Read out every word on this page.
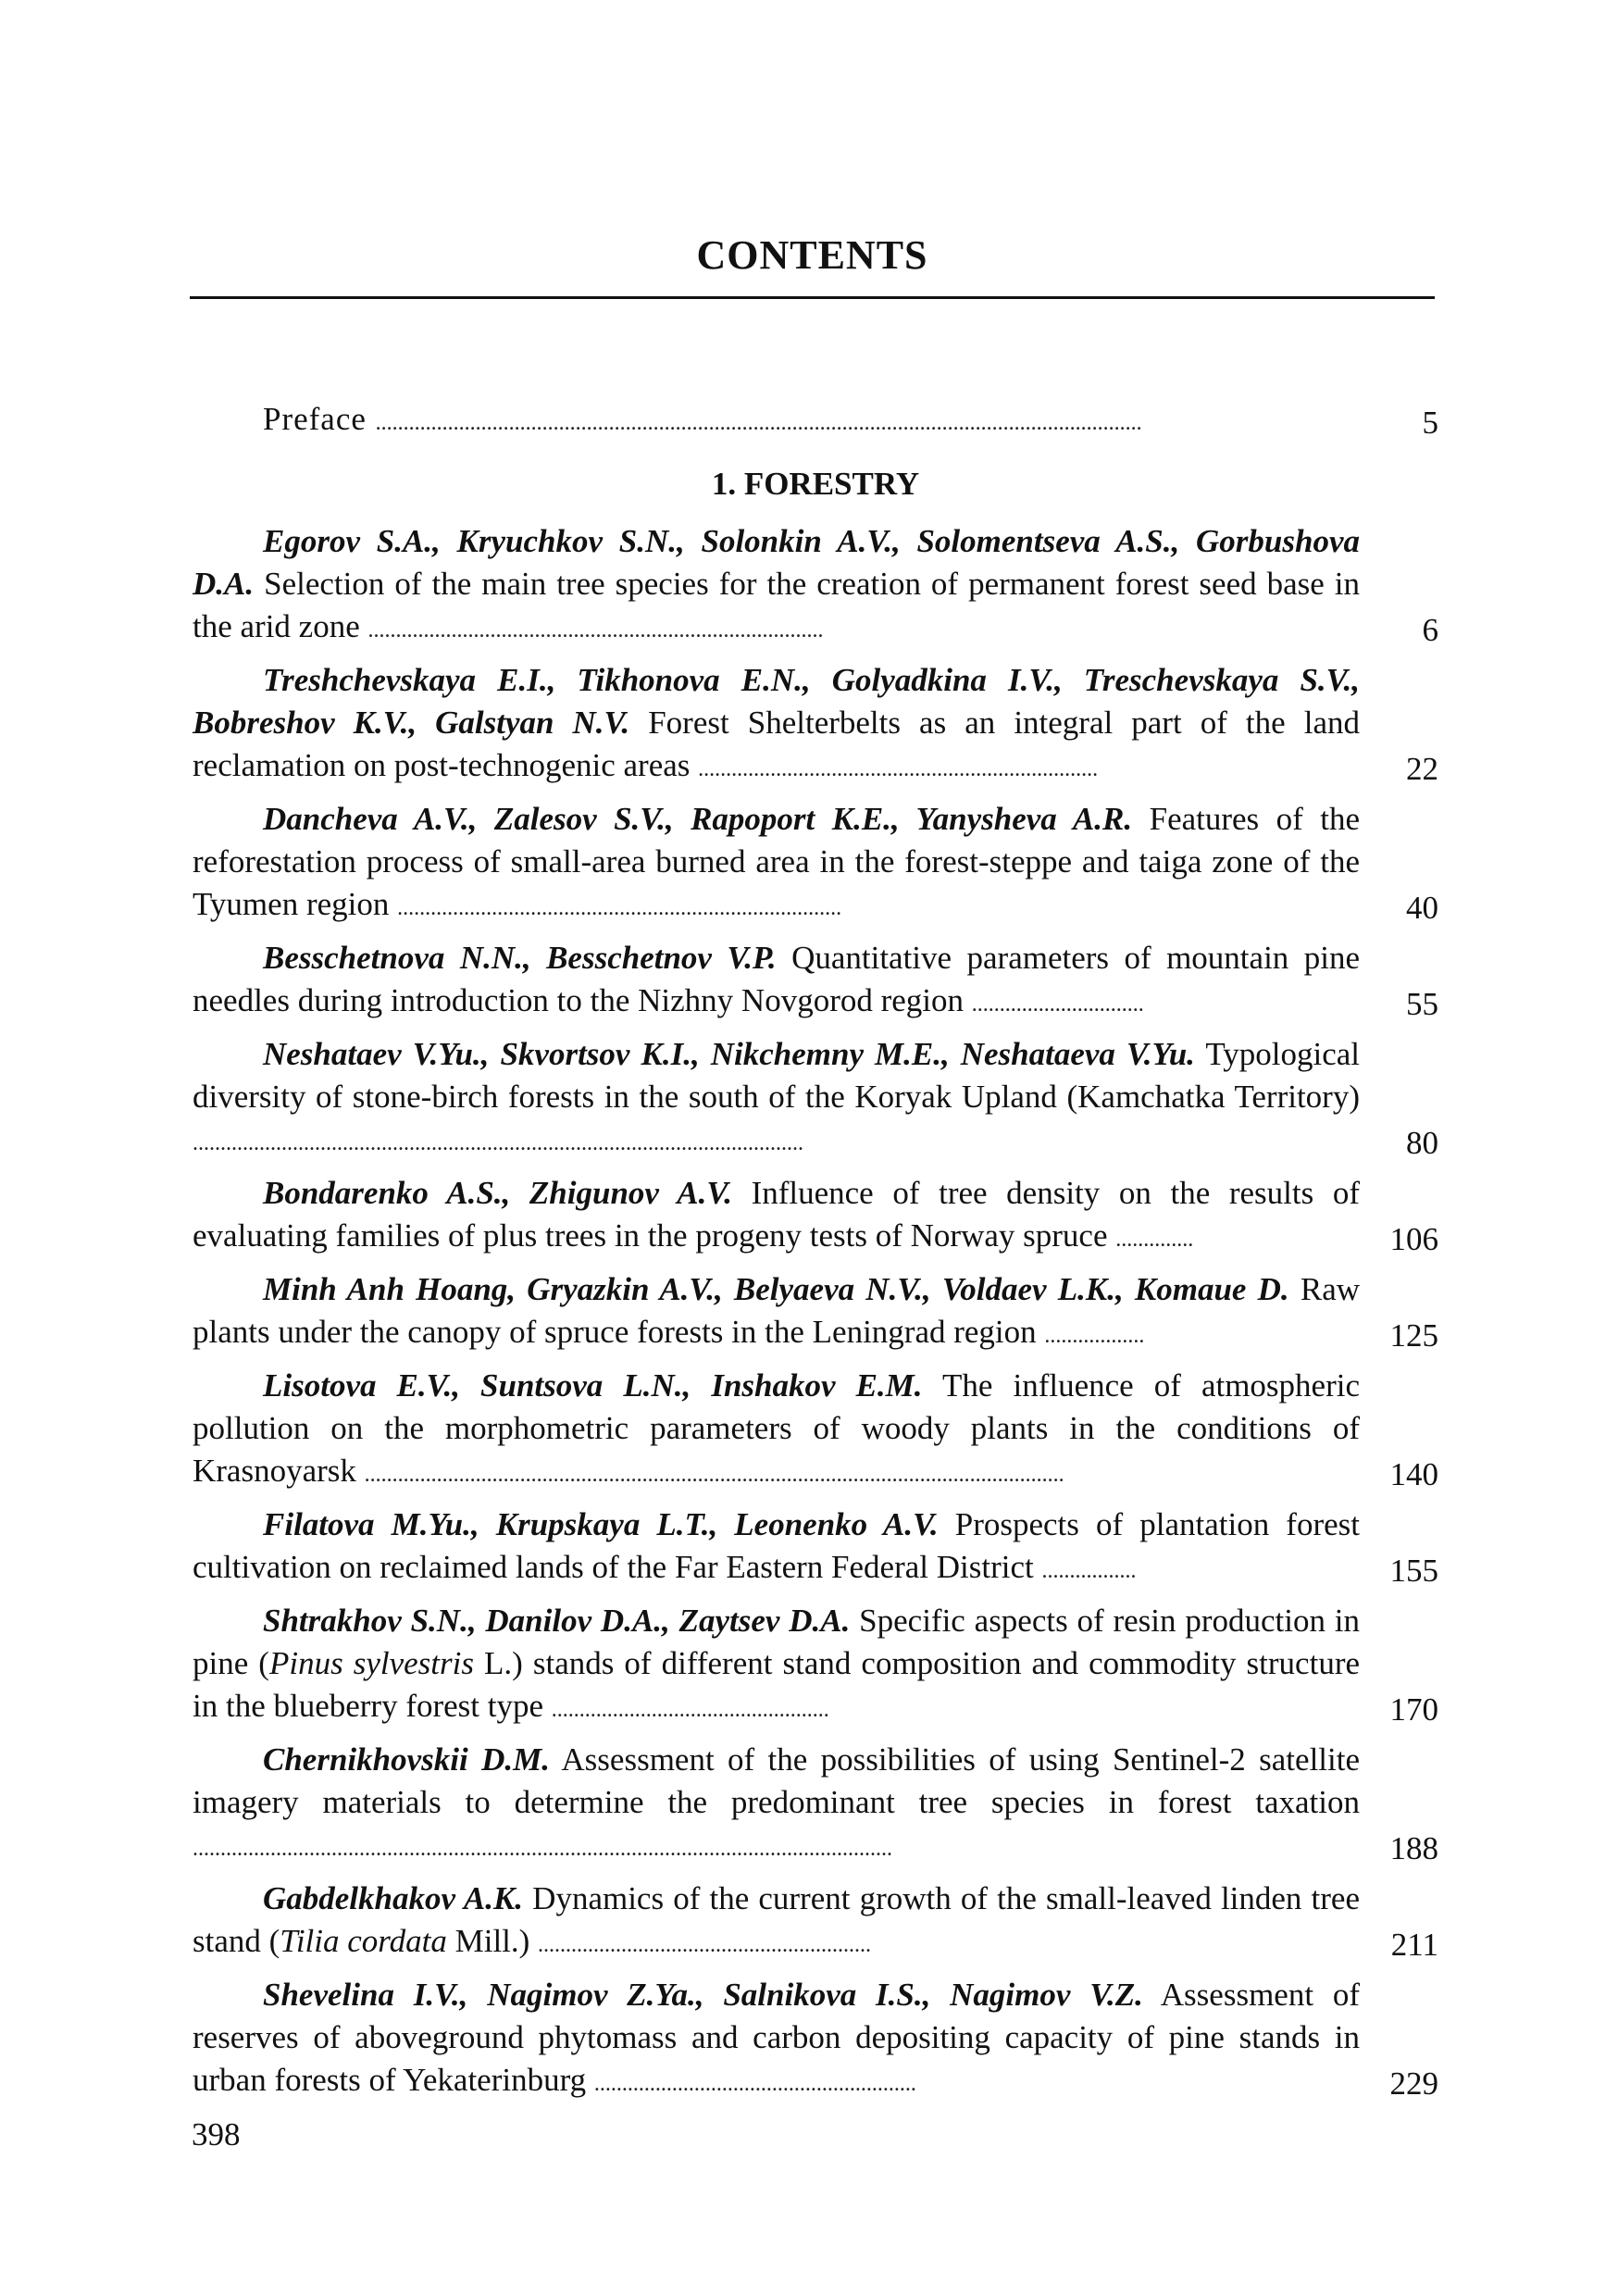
CONTENTS
Preface ..........................................................................................................................................	5
1. FORESTRY
Egorov S.A., Kryuchkov S.N., Solonkin A.V., Solomentseva A.S., Gorbushova D.A. Selection of the main tree species for the creation of permanent forest seed base in the arid zone ..................................................................................	6
Treshchevskaya E.I., Tikhonova E.N., Golyadkina I.V., Treschevskaya S.V., Bobreshov K.V., Galstyan N.V. Forest Shelterbelts as an integral part of the land reclamation on post-technogenic areas ........................................................................	22
Dancheva A.V., Zalesov S.V., Rapoport K.E., Yanysheva A.R. Features of the reforestation process of small-area burned area in the forest-steppe and taiga zone of the Tyumen region ................................................................................	40
Besschetnova N.N., Besschetnov V.P. Quantitative parameters of mountain pine needles during introduction to the Nizhny Novgorod region ...............................	55
Neshataev V.Yu., Skvortsov K.I., Nikchemny M.E., Neshataeva V.Yu. Typological diversity of stone-birch forests in the south of the Koryak Upland (Kamchatka Territory) ..............................................................................................................	80
Bondarenko A.S., Zhigunov A.V. Influence of tree density on the results of evaluating families of plus trees in the progeny tests of Norway spruce ..............	106
Minh Anh Hoang, Gryazkin A.V., Belyaeva N.V., Voldaev L.K., Komaue D. Raw plants under the canopy of spruce forests in the Leningrad region ..................	125
Lisotova E.V., Suntsova L.N., Inshakov E.M. The influence of atmospheric pollution on the morphometric parameters of woody plants in the conditions of Krasnoyarsk ..............................................................................................................................	140
Filatova M.Yu., Krupskaya L.T., Leonenko A.V. Prospects of plantation forest cultivation on reclaimed lands of the Far Eastern Federal District .................	155
Shtrakhov S.N., Danilov D.A., Zaytsev D.A. Specific aspects of resin production in pine (Pinus sylvestris L.) stands of different stand composition and commodity structure in the blueberry forest type ..................................................	170
Chernikhovskii D.M. Assessment of the possibilities of using Sentinel-2 satellite imagery materials to determine the predominant tree species in forest taxation ..............................................................................................................................	188
Gabdelkhakov A.K. Dynamics of the current growth of the small-leaved linden tree stand (Tilia cordata Mill.) ............................................................	211
Shevelina I.V., Nagimov Z.Ya., Salnikova I.S., Nagimov V.Z. Assessment of reserves of aboveground phytomass and carbon depositing capacity of pine stands in urban forests of Yekaterinburg ..........................................................	229
398
